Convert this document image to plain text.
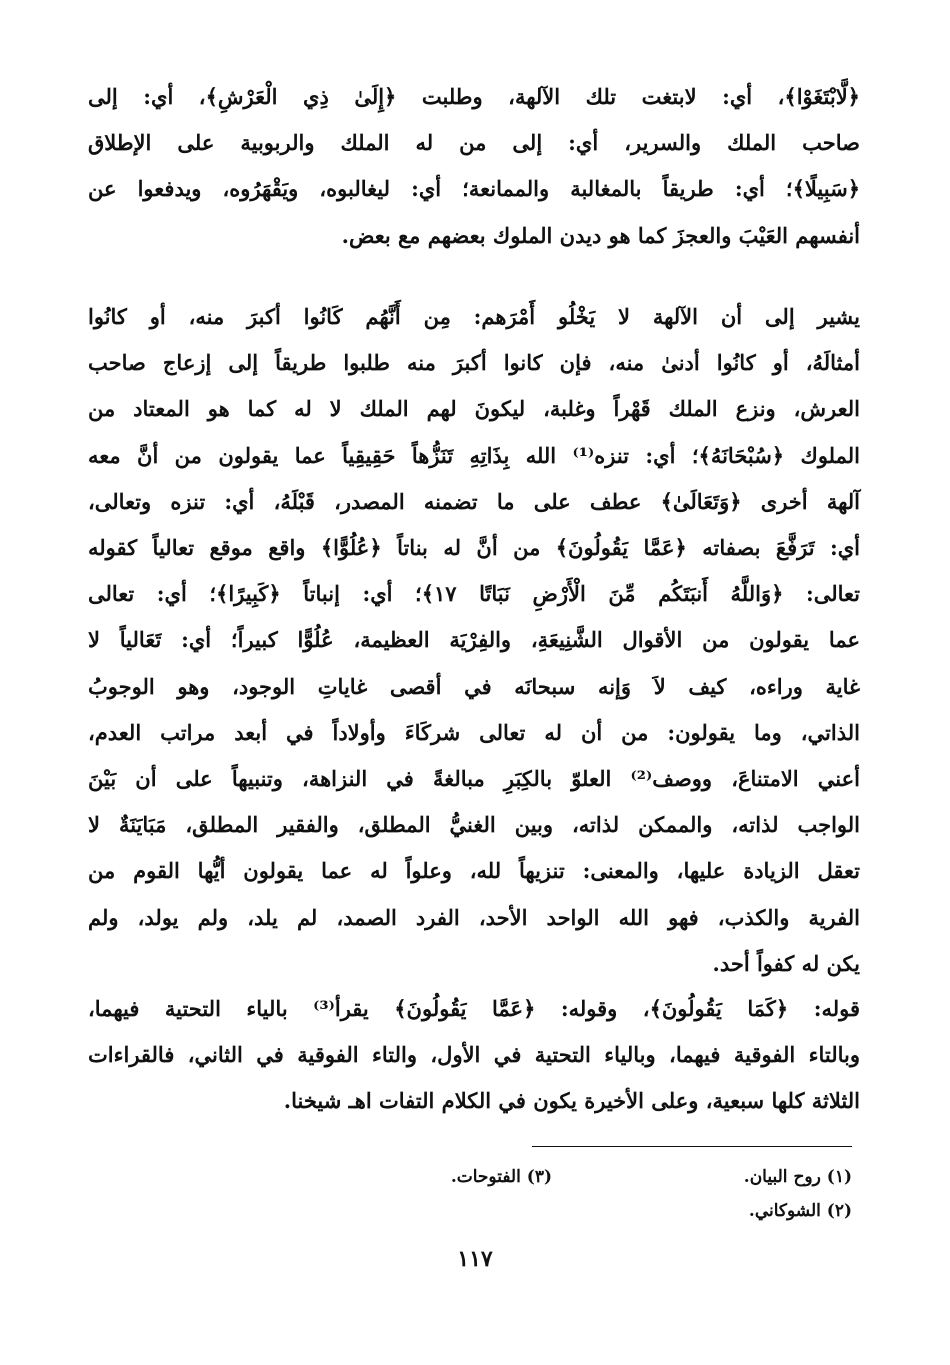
﴿لَّابْتَغَوْا﴾، أي: لابتغت تلك الآلهة، وطلبت ﴿إِلَىٰ ذِي الْعَرْشِ﴾، أي: إلى
صاحب الملك والسرير، أي: إلى من له الملك والربوبية على الإطلاق
﴿سَبِيلًا﴾؛ أي: طريقاً بالمغالبة والممانعة؛ أي: ليغالبوه، ويَقْهَرُوه، ويدفعوا عن
أنفسهم العَيْبَ والعجزَ كما هو ديدن الملوك بعضهم مع بعض.
يشير إلى أن الآلهة لا يَخْلُو أَمْرَهم: مِن أَنَّهُم كَانُوا أكبرَ منه، أو كانُوا
أمثالَهُ، أو كانُوا أدنىٰ منه، فإن كانوا أكبرَ منه طلبوا طريقاً إلى إزعاج صاحب
العرش، ونزع الملك قَهْراً وغلبة، ليكونَ لهم الملك لا له كما هو المعتاد من
الملوك ﴿سُبْحَانَهُ﴾؛ أي: تنزه⁽¹⁾ الله بِذَاتِهِ تَنَزُّهاً حَقِيقِياً عما يقولون من أنَّ معه
آلهة أخرى ﴿وَتَعَالَىٰ﴾ عطف على ما تضمنه المصدر، قَبْلَهُ، أي: تنزه وتعالى،
أي: تَرَفَّعَ بصفاته ﴿عَمَّا يَقُولُونَ﴾ من أنَّ له بناتاً ﴿عُلُوًّا﴾ واقع موقع تعالياً كقوله
تعالى: ﴿وَاللَّهُ أَنبَتَكُم مِّنَ الْأَرْضِ نَبَاتًا ١٧﴾؛ أي: إنباتاً ﴿كَبِيرًا﴾؛ أي: تعالى
عما يقولون من الأقوال الشَّنِيعَةِ، والفِرْيَة العظيمة، عُلُوًّا كبيراً؛ أي: تَعَالياً لا
غاية وراءه، كيف لاَ وَإنه سبحانَه في أقصى غاياتِ الوجود، وهو الوجوبُ
الذاتي، وما يقولون: من أن له تعالى شركَاءَ وأولاداً في أبعد مراتب العدم،
أعني الامتناعَ، ووصف⁽²⁾ العلوّ بالكِبَرِ مبالغةً في النزاهة، وتنبيهاً على أن بَيْنَ
الواجب لذاته، والممكن لذاته، وبين الغنيُّ المطلق، والفقير المطلق، مَبَايَنَةٌ لا
تعقل الزيادة عليها، والمعنى: تنزيهاً لله، وعلواً له عما يقولون أيُّها القوم من
الفرية والكذب، فهو الله الواحد الأحد، الفرد الصمد، لم يلد، ولم يولد، ولم
يكن له كفواً أحد.
قوله: ﴿كَمَا يَقُولُونَ﴾، وقوله: ﴿عَمَّا يَقُولُونَ﴾ يقرأ⁽³⁾ بالياء التحتية فيهما،
وبالتاء الفوقية فيهما، وبالياء التحتية في الأول، والتاء الفوقية في الثاني، فالقراءات
الثلاثة كلها سبعية، وعلى الأخيرة يكون في الكلام التفات اهـ شيخنا.
(١) روح البيان.
(٣) الفتوحات.
(٢) الشوكاني.
١١٧
